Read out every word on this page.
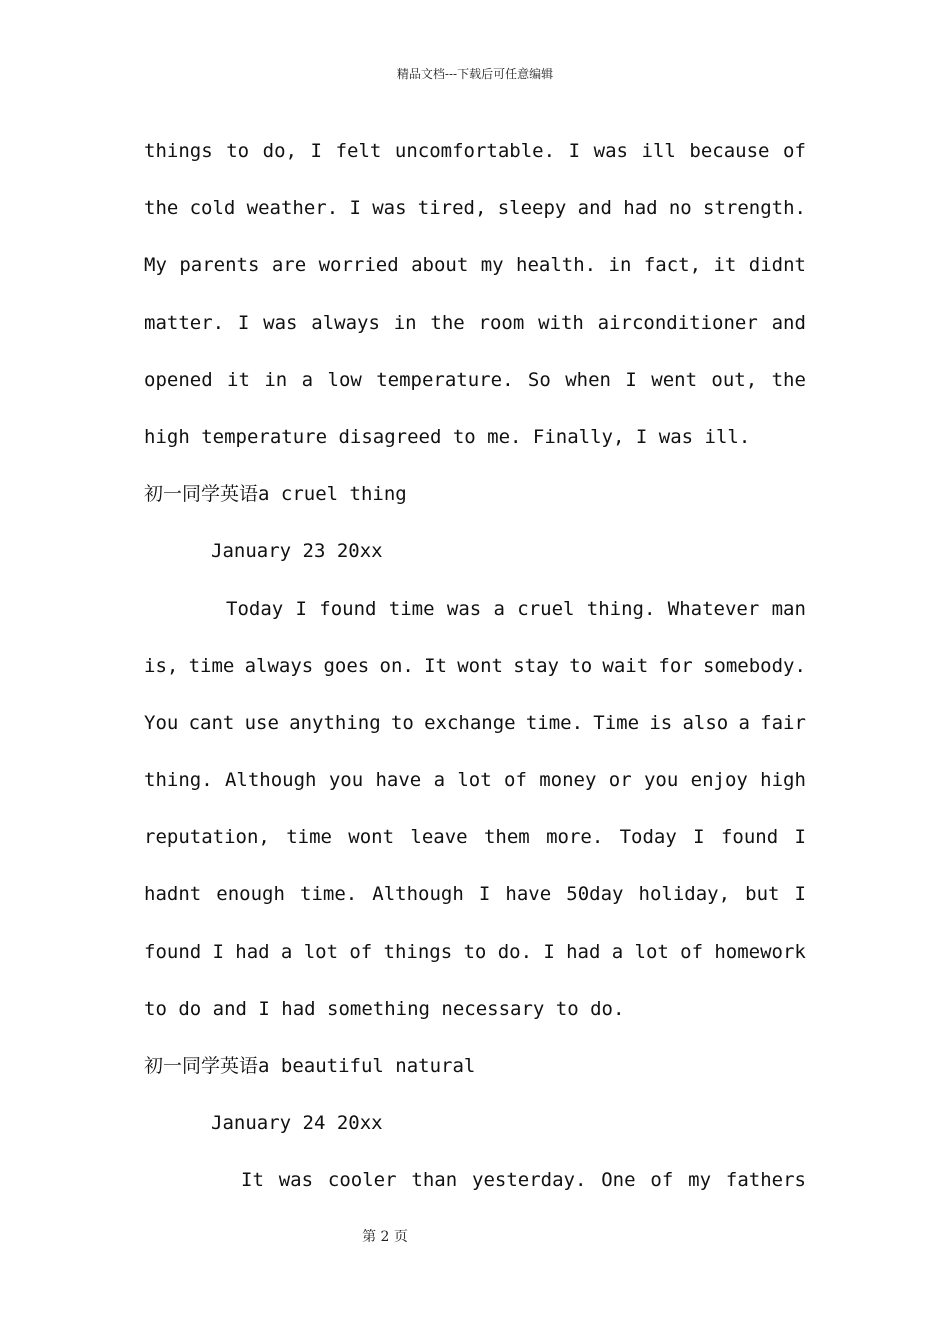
精品文档---下载后可任意编辑
things to do, I felt uncomfortable. I was ill because of
the cold weather. I was tired, sleepy and had no strength.
My parents are worried about my health. in fact, it didnt
matter. I was always in the room with airconditioner and
opened it in a low temperature. So when I went out, the
high temperature disagreed to me. Finally, I was ill.
初一同学英语a cruel thing
January 23 20xx
Today I found time was a cruel thing. Whatever man
is, time always goes on. It wont stay to wait for somebody.
You cant use anything to exchange time. Time is also a fair
thing. Although you have a lot of money or you enjoy high
reputation, time wont leave them more. Today I found I
hadnt enough time. Although I have 50day holiday, but I
found I had a lot of things to do. I had a lot of homework
to do and I had something necessary to do.
初一同学英语a beautiful natural
January 24 20xx
It was cooler than yesterday. One of my fathers
第 2 页
